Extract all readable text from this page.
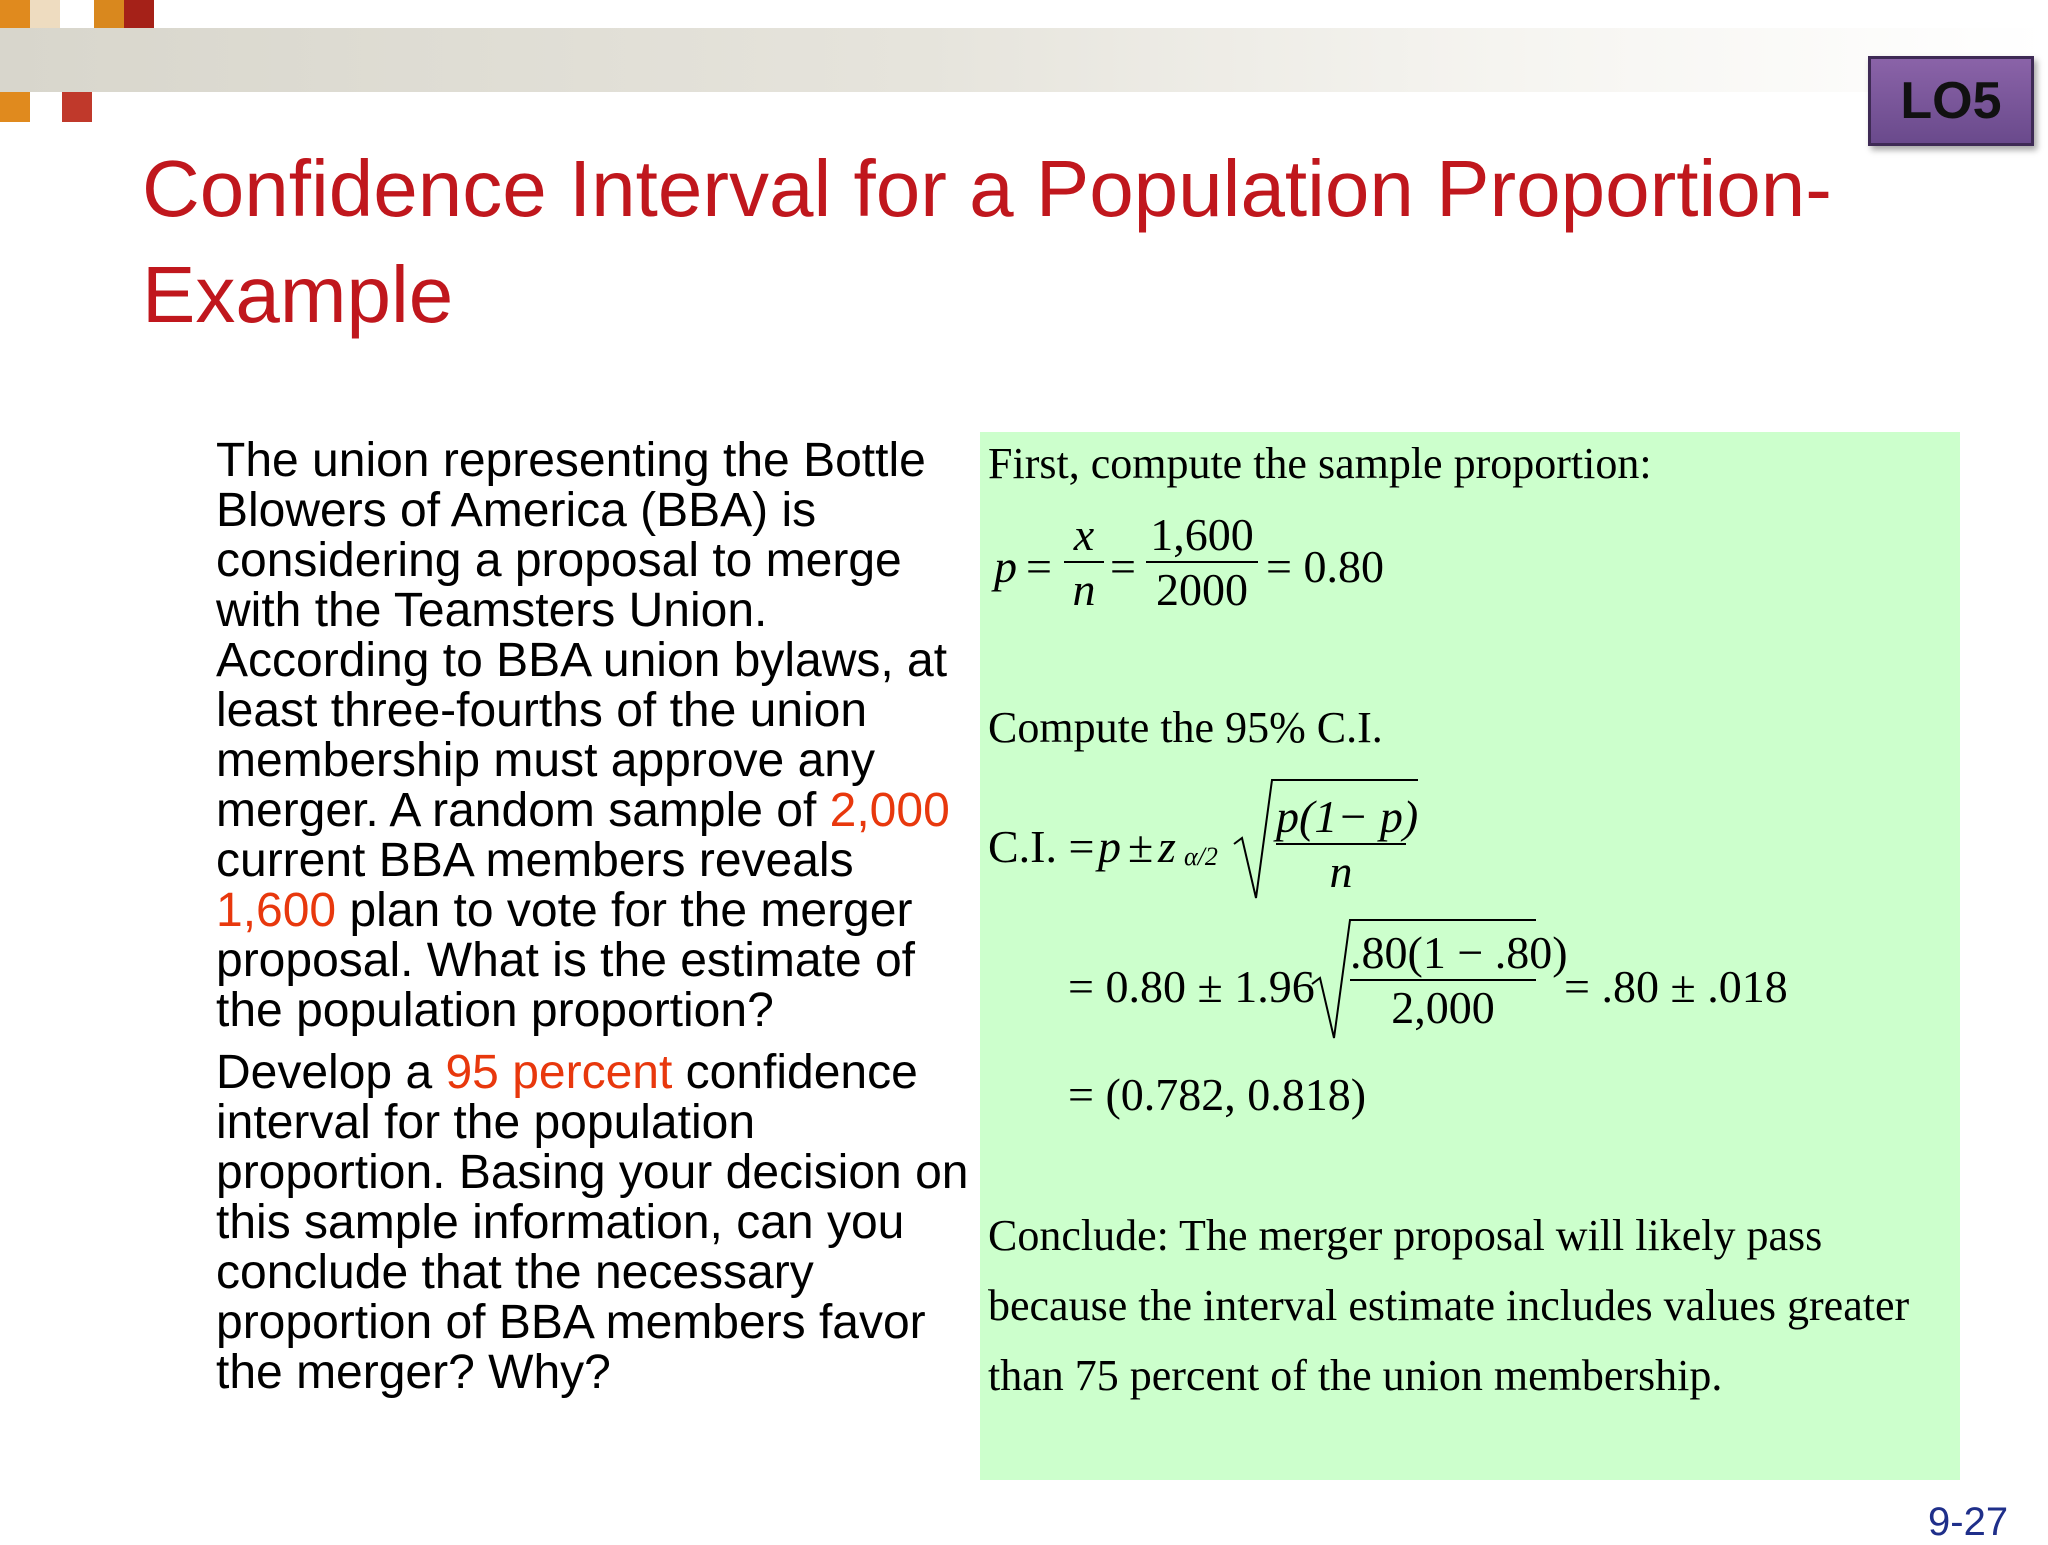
LO5
Confidence Interval for a Population Proportion- Example

The union representing the Bottle Blowers of America (BBA) is considering a proposal to merge with the Teamsters Union. According to BBA union bylaws, at least three-fourths of the union membership must approve any merger. A random sample of 2,000 current BBA members reveals 1,600 plan to vote for the merger proposal. What is the estimate of the population proportion?

Develop a 95 percent confidence interval for the population proportion. Basing your decision on this sample information, can you conclude that the necessary proportion of BBA members favor the merger? Why?

First, compute the sample proportion:
p =
x
n =
1,600
2000 = 0.80
Compute the 95% C.I.
C.I. = p ± z α/2
p(1− p)
n
= 0.80 ± 1.96
.80(1 − .80)
2,000	= .80 ± .018
= (0.782, 0.818)
Conclude: The merger proposal will likely pass
because the interval estimate includes values greater
than 75 percent of the union membership.
9-27
